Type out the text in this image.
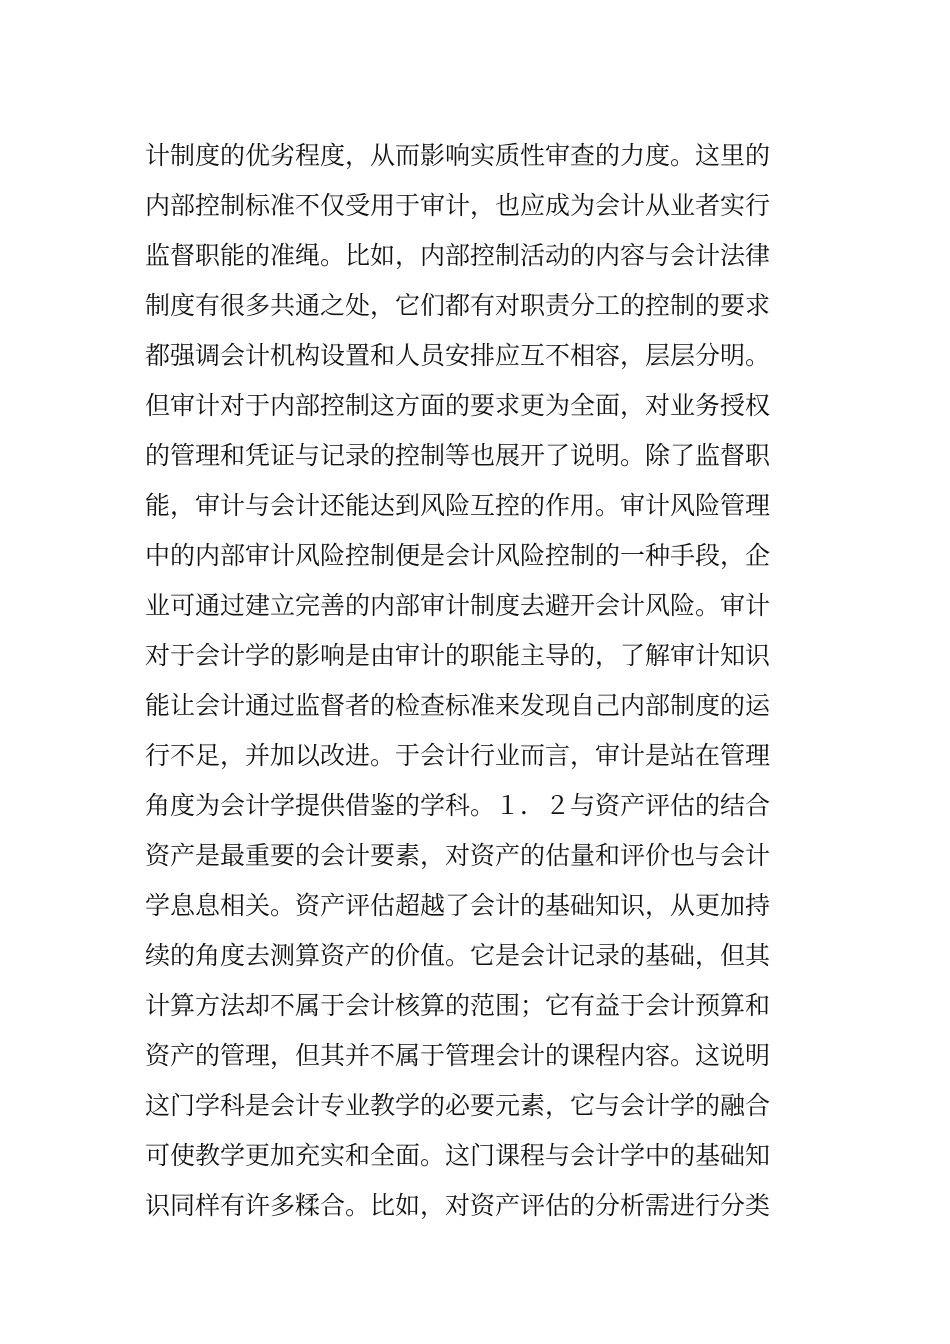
计制度的优劣程度，从而影响实质性审查的力度。这里的
内部控制标准不仅受用于审计，也应成为会计从业者实行
监督职能的准绳。比如，内部控制活动的内容与会计法律
制度有很多共通之处，它们都有对职责分工的控制的要求
都强调会计机构设置和人员安排应互不相容，层层分明。
但审计对于内部控制这方面的要求更为全面，对业务授权
的管理和凭证与记录的控制等也展开了说明。除了监督职
能，审计与会计还能达到风险互控的作用。审计风险管理
中的内部审计风险控制便是会计风险控制的一种手段，企
业可通过建立完善的内部审计制度去避开会计风险。审计
对于会计学的影响是由审计的职能主导的，了解审计知识
能让会计通过监督者的检查标准来发现自己内部制度的运
行不足，并加以改进。于会计行业而言，审计是站在管理
角度为会计学提供借鉴的学科。１．２与资产评估的结合
资产是最重要的会计要素，对资产的估量和评价也与会计
学息息相关。资产评估超越了会计的基础知识，从更加持
续的角度去测算资产的价值。它是会计记录的基础，但其
计算方法却不属于会计核算的范围；它有益于会计预算和
资产的管理，但其并不属于管理会计的课程内容。这说明
这门学科是会计专业教学的必要元素，它与会计学的融合
可使教学更加充实和全面。这门课程与会计学中的基础知
识同样有许多糅合。比如，对资产评估的分析需进行分类
